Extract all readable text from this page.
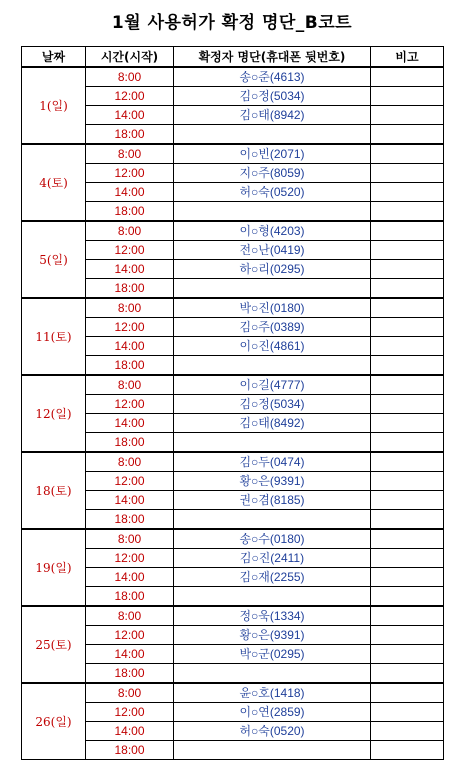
1월 사용허가 확정 명단_B코트
날짜	시간(시작)	확정자 명단(휴대폰 뒷번호)	비고
1(일)	8:00	송○준(4613)	
	12:00	김○정(5034)	
	14:00	김○태(8942)	
	18:00		
4(토)	8:00	이○빈(2071)	
	12:00	지○주(8059)	
	14:00	허○숙(0520)	
	18:00		
5(일)	8:00	이○형(4203)	
	12:00	전○난(0419)	
	14:00	하○리(0295)	
	18:00		
11(토)	8:00	박○진(0180)	
	12:00	김○주(0389)	
	14:00	이○진(4861)	
	18:00		
12(일)	8:00	이○길(4777)	
	12:00	김○정(5034)	
	14:00	김○태(8492)	
	18:00		
18(토)	8:00	김○두(0474)	
	12:00	황○은(9391)	
	14:00	권○겸(8185)	
	18:00		
19(일)	8:00	송○수(0180)	
	12:00	김○진(2411)	
	14:00	김○재(2255)	
	18:00		
25(토)	8:00	정○욱(1334)	
	12:00	황○은(9391)	
	14:00	박○군(0295)	
	18:00		
26(일)	8:00	윤○호(1418)	
	12:00	이○연(2859)	
	14:00	허○숙(0520)	
	18:00		
